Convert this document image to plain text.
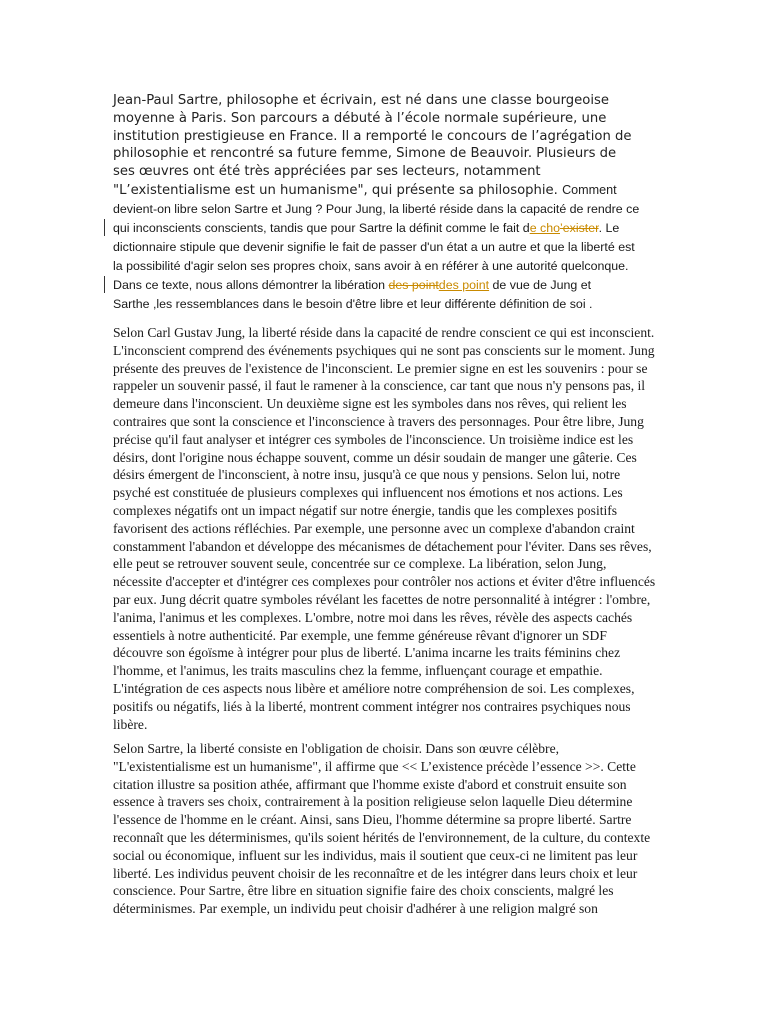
Jean-Paul Sartre, philosophe et écrivain, est né dans une classe bourgeoise moyenne à Paris. Son parcours a débuté à l’école normale supérieure, une institution prestigieuse en France. Il a remporté le concours de l’agrégation de philosophie et rencontré sa future femme, Simone de Beauvoir. Plusieurs de ses œuvres ont été très appréciées par ses lecteurs, notamment "L’existentialisme est un humanisme", qui présente sa philosophie. Comment
devient-on libre selon Sartre et Jung ? Pour Jung, la liberté réside dans la capacité de rendre ce
qui inconscients conscients, tandis que pour Sartre la définit comme le fait de cho’exister. Le
dictionnaire stipule que devenir signifie le fait de passer d'un état a un autre et que la liberté est
la possibilité d'agir selon ses propres choix, sans avoir à en référer à une autorité quelconque.
Dans ce texte, nous allons démontrer la libération des pointdes point de vue de Jung et
Sarthe ,les ressemblances dans le besoin d'être libre et leur différente définition de soi .

Selon Carl Gustav Jung, la liberté réside dans la capacité de rendre conscient ce qui est inconscient. L'inconscient comprend des événements psychiques qui ne sont pas conscients sur le moment. Jung présente des preuves de l'existence de l'inconscient. Le premier signe en est les souvenirs : pour se rappeler un souvenir passé, il faut le ramener à la conscience, car tant que nous n'y pensons pas, il demeure dans l'inconscient. Un deuxième signe est les symboles dans nos rêves, qui relient les contraires que sont la conscience et l'inconscience à travers des personnages. Pour être libre, Jung précise qu'il faut analyser et intégrer ces symboles de l'inconscience. Un troisième indice est les désirs, dont l'origine nous échappe souvent, comme un désir soudain de manger une gâterie. Ces désirs émergent de l'inconscient, à notre insu, jusqu'à ce que nous y pensions. Selon lui, notre psyché est constituée de plusieurs complexes qui influencent nos émotions et nos actions. Les complexes négatifs ont un impact négatif sur notre énergie, tandis que les complexes positifs favorisent des actions réfléchies. Par exemple, une personne avec un complexe d'abandon craint constamment l'abandon et développe des mécanismes de détachement pour l'éviter. Dans ses rêves, elle peut se retrouver souvent seule, concentrée sur ce complexe. La libération, selon Jung, nécessite d'accepter et d'intégrer ces complexes pour contrôler nos actions et éviter d'être influencés par eux. Jung décrit quatre symboles révélant les facettes de notre personnalité à intégrer : l'ombre, l'anima, l'animus et les complexes. L'ombre, notre moi dans les rêves, révèle des aspects cachés essentiels à notre authenticité. Par exemple, une femme généreuse rêvant d'ignorer un SDF découvre son égoïsme à intégrer pour plus de liberté. L'anima incarne les traits féminins chez l'homme, et l'animus, les traits masculins chez la femme, influençant courage et empathie. L'intégration de ces aspects nous libère et améliore notre compréhension de soi. Les complexes, positifs ou négatifs, liés à la liberté, montrent comment intégrer nos contraires psychiques nous libère.

Selon Sartre, la liberté consiste en l'obligation de choisir. Dans son œuvre célèbre, "L'existentialisme est un humanisme", il affirme que << L’existence précède l’essence >>. Cette citation illustre sa position athée, affirmant que l'homme existe d'abord et construit ensuite son essence à travers ses choix, contrairement à la position religieuse selon laquelle Dieu détermine l'essence de l'homme en le créant. Ainsi, sans Dieu, l'homme détermine sa propre liberté. Sartre reconnaît que les déterminismes, qu'ils soient hérités de l'environnement, de la culture, du contexte social ou économique, influent sur les individus, mais il soutient que ceux-ci ne limitent pas leur liberté. Les individus peuvent choisir de les reconnaître et de les intégrer dans leurs choix et leur conscience. Pour Sartre, être libre en situation signifie faire des choix conscients, malgré les déterminismes. Par exemple, un individu peut choisir d'adhérer à une religion malgré son
